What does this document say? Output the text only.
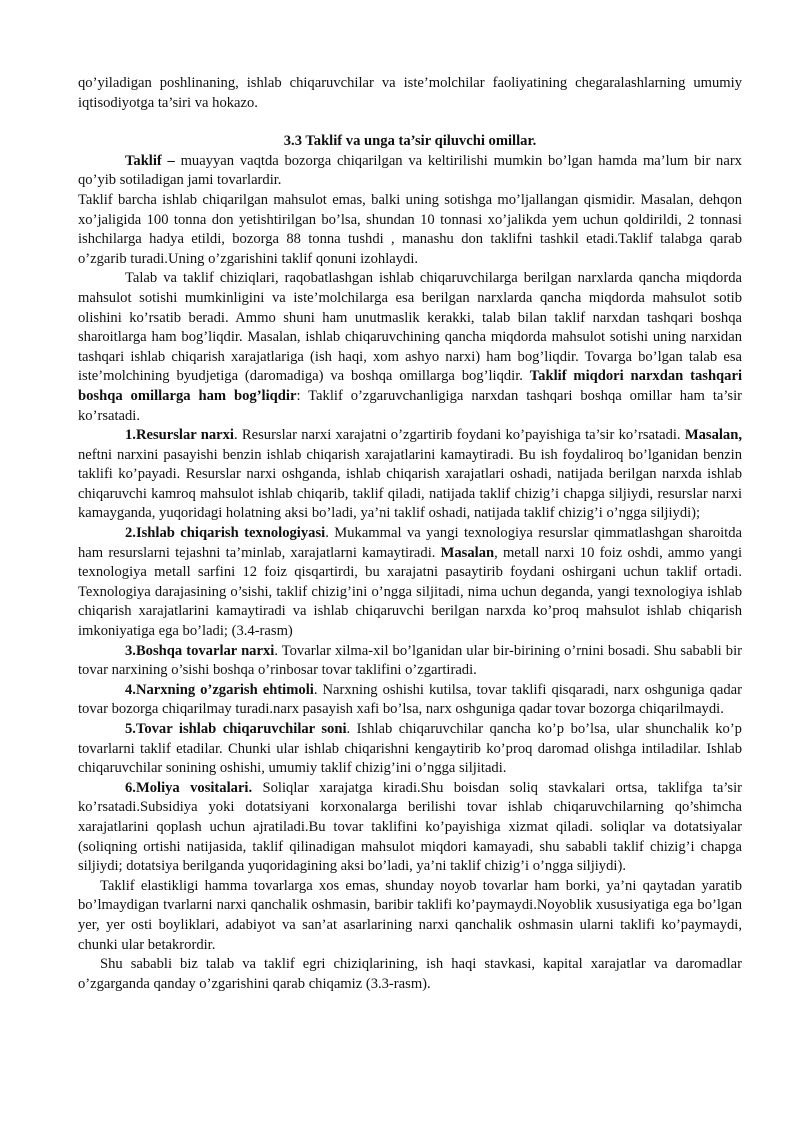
qo’yiladigan poshlinaning, ishlab chiqaruvchilar va iste’molchilar faoliyatining chegaralashlarning umumiy iqtisodiyotga ta’siri va hokazo.

3.3 Taklif va unga ta’sir qiluvchi omillar.

Taklif – muayyan vaqtda bozorga chiqarilgan va keltirilishi mumkin bo’lgan hamda ma’lum bir narx qo’yib sotiladigan jami tovarlardir.

Taklif barcha ishlab chiqarilgan mahsulot emas, balki uning sotishga mo’ljallangan qismidir. Masalan, dehqon xo’jaligida 100 tonna don yetishtirilgan bo’lsa, shundan 10 tonnasi xo’jalikda yem uchun qoldirildi, 2 tonnasi ishchilarga hadya etildi, bozorga 88 tonna tushdi , manashu don taklifni tashkil etadi.Taklif talabga qarab o’zgarib turadi.Uning o’zgarishini taklif qonuni izohlaydi.

Talab va taklif chiziqlari, raqobatlashgan ishlab chiqaruvchilarga berilgan narxlarda qancha miqdorda mahsulot sotishi mumkinligini va iste’molchilarga esa berilgan narxlarda qancha miqdorda mahsulot sotib olishini ko’rsatib beradi. Ammo shuni ham unutmaslik kerakki, talab bilan taklif narxdan tashqari boshqa sharoitlarga ham bog’liqdir. Masalan, ishlab chiqaruvchining qancha miqdorda mahsulot sotishi uning narxidan tashqari ishlab chiqarish xarajatlariga (ish haqi, xom ashyo narxi) ham bog’liqdir. Tovarga bo’lgan talab esa iste’molchining byudjetiga (daromadiga) va boshqa omillarga bog’liqdir. Taklif miqdori narxdan tashqari boshqa omillarga ham bog’liqdir: Taklif o’zgaruvchanligiga narxdan tashqari boshqa omillar ham ta’sir ko’rsatadi.

1.Resurslar narxi. Resurslar narxi xarajatni o’zgartirib foydani ko’payishiga ta’sir ko’rsatadi. Masalan, neftni narxini pasayishi benzin ishlab chiqarish xarajatlarini kamaytiradi. Bu ish foydaliroq bo’lganidan benzin taklifi ko’payadi. Resurslar narxi oshganda, ishlab chiqarish xarajatlari oshadi, natijada berilgan narxda ishlab chiqaruvchi kamroq mahsulot ishlab chiqarib, taklif qiladi, natijada taklif chizig’i chapga siljiydi, resurslar narxi kamayganda, yuqoridagi holatning aksi bo’ladi, ya’ni taklif oshadi, natijada taklif chizig’i o’ngga siljiydi);

2.Ishlab chiqarish texnologiyasi. Mukammal va yangi texnologiya resurslar qimmatlashgan sharoitda ham resurslarni tejashni ta’minlab, xarajatlarni kamaytiradi. Masalan, metall narxi 10 foiz oshdi, ammo yangi texnologiya metall sarfini 12 foiz qisqartirdi, bu xarajatni pasaytirib foydani oshirgani uchun taklif ortadi. Texnologiya darajasining o’sishi, taklif chizig’ini o’ngga siljitadi, nima uchun deganda, yangi texnologiya ishlab chiqarish xarajatlarini kamaytiradi va ishlab chiqaruvchi berilgan narxda ko’proq mahsulot ishlab chiqarish imkoniyatiga ega bo’ladi; (3.4-rasm)

3.Boshqa tovarlar narxi. Tovarlar xilma-xil bo’lganidan ular bir-birining o’rnini bosadi. Shu sababli bir tovar narxining o’sishi boshqa o’rinbosar tovar taklifini o’zgartiradi.

4.Narxning o’zgarish ehtimoli. Narxning oshishi kutilsa, tovar taklifi qisqaradi, narx oshguniga qadar tovar bozorga chiqarilmay turadi.narx pasayish xafi bo’lsa, narx oshguniga qadar tovar bozorga chiqarilmaydi.

5.Tovar ishlab chiqaruvchilar soni. Ishlab chiqaruvchilar qancha ko’p bo’lsa, ular shunchalik ko’p tovarlarni taklif etadilar. Chunki ular ishlab chiqarishni kengaytirib ko’proq daromad olishga intiladilar. Ishlab chiqaruvchilar sonining oshishi, umumiy taklif chizig’ini o’ngga siljitadi.

6.Moliya vositalari. Soliqlar xarajatga kiradi.Shu boisdan soliq stavkalari ortsa, taklifga ta’sir ko’rsatadi.Subsidiya yoki dotatsiyani korxonalarga berilishi tovar ishlab chiqaruvchilarning qo’shimcha xarajatlarini qoplash uchun ajratiladi.Bu tovar taklifini ko’payishiga xizmat qiladi. soliqlar va dotatsiyalar (soliqning ortishi natijasida, taklif qilinadigan mahsulot miqdori kamayadi, shu sababli taklif chizig’i chapga siljiydi; dotatsiya berilganda yuqoridagining aksi bo’ladi, ya’ni taklif chizig’i o’ngga siljiydi).

Taklif elastikligi hamma tovarlarga xos emas, shunday noyob tovarlar ham borki, ya’ni qaytadan yaratib bo’lmaydigan tvarlarni narxi qanchalik oshmasin, baribir taklifi ko’paymaydi.Noyoblik xususiyatiga ega bo’lgan yer, yer osti boyliklari, adabiyot va san’at asarlarining narxi qanchalik oshmasin ularni taklifi ko’paymaydi, chunki ular betakrordir.

Shu sababli biz talab va taklif egri chiziqlarining, ish haqi stavkasi, kapital xarajatlar va daromadlar o’zgarganda qanday o’zgarishini qarab chiqamiz (3.3-rasm).
